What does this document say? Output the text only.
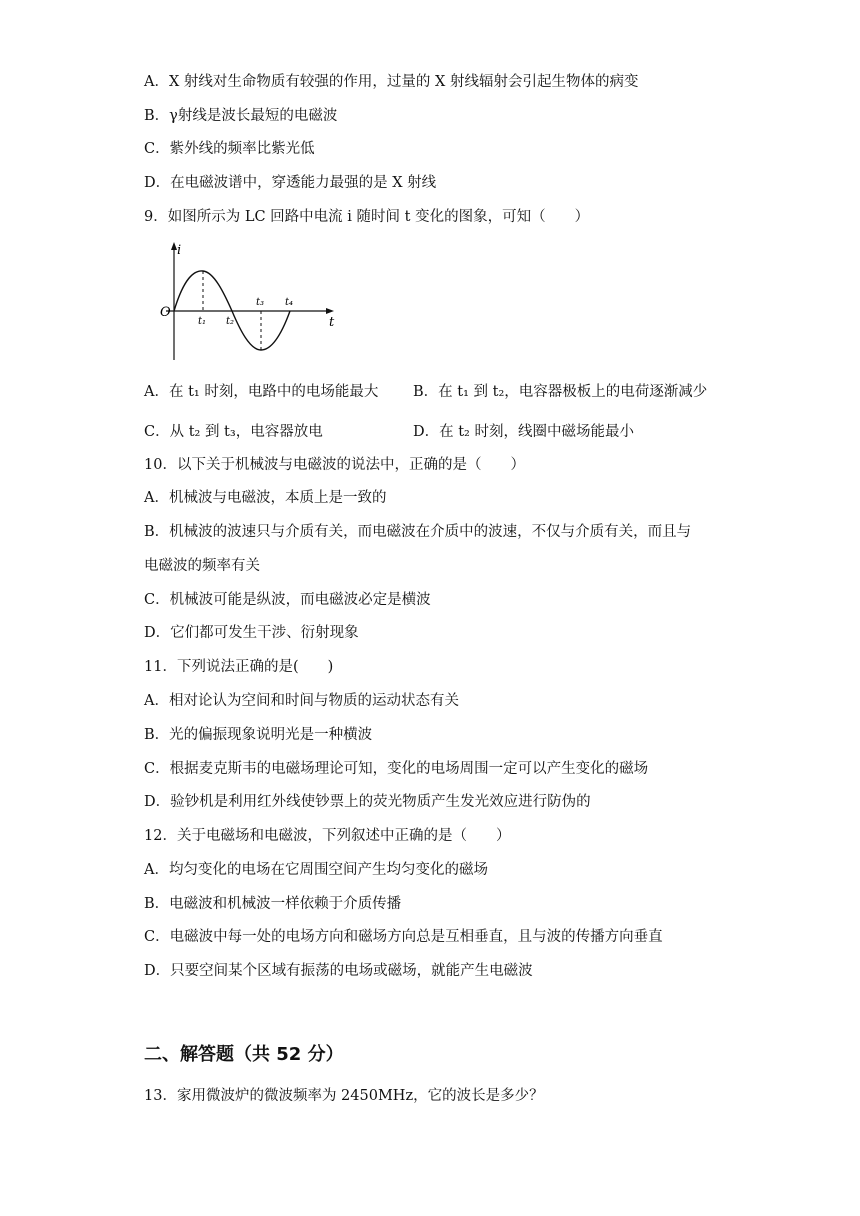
A．X 射线对生命物质有较强的作用，过量的 X 射线辐射会引起生物体的病变
B．γ射线是波长最短的电磁波
C．紫外线的频率比紫光低
D．在电磁波谱中，穿透能力最强的是 X 射线
9．如图所示为 LC 回路中电流 i 随时间 t 变化的图象，可知（　　）
i
t
O
t₁ t₂
t₃ t₄
A．在 t₁ 时刻，电路中的电场能最大 B．在 t₁ 到 t₂，电容器极板上的电荷逐渐减少
C．从 t₂ 到 t₃，电容器放电	D．在 t₂ 时刻，线圈中磁场能最小
10．以下关于机械波与电磁波的说法中，正确的是（　　）
A．机械波与电磁波，本质上是一致的
B．机械波的波速只与介质有关，而电磁波在介质中的波速，不仅与介质有关，而且与
电磁波的频率有关
C．机械波可能是纵波，而电磁波必定是横波
D．它们都可发生干涉、衍射现象
11．下列说法正确的是(　　)
A．相对论认为空间和时间与物质的运动状态有关
B．光的偏振现象说明光是一种横波
C．根据麦克斯韦的电磁场理论可知，变化的电场周围一定可以产生变化的磁场
D．验钞机是利用红外线使钞票上的荧光物质产生发光效应进行防伪的
12．关于电磁场和电磁波，下列叙述中正确的是（　　）
A．均匀变化的电场在它周围空间产生均匀变化的磁场
B．电磁波和机械波一样依赖于介质传播
C．电磁波中每一处的电场方向和磁场方向总是互相垂直，且与波的传播方向垂直
D．只要空间某个区域有振荡的电场或磁场，就能产生电磁波
二、解答题（共 52 分）
13．家用微波炉的微波频率为 2450MHz，它的波长是多少？
